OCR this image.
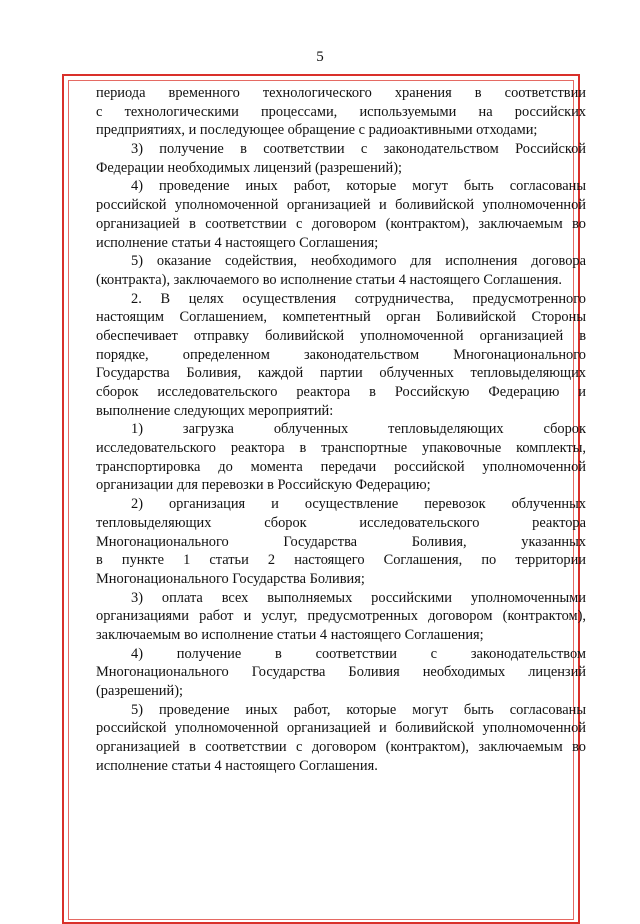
5
периода временного технологического хранения в соответствии
с технологическими процессами, используемыми на российских
предприятиях, и последующее обращение с радиоактивными отходами;
3) получение в соответствии с законодательством Российской
Федерации необходимых лицензий (разрешений);
4) проведение иных работ, которые могут быть согласованы
российской уполномоченной организацией и боливийской уполномоченной
организацией в соответствии с договором (контрактом), заключаемым во
исполнение статьи 4 настоящего Соглашения;
5) оказание содействия, необходимого для исполнения договора
(контракта), заключаемого во исполнение статьи 4 настоящего Соглашения.
2. В целях осуществления сотрудничества, предусмотренного
настоящим Соглашением, компетентный орган Боливийской Стороны
обеспечивает отправку боливийской уполномоченной организацией в
порядке, определенном законодательством Многонационального
Государства Боливия, каждой партии облученных тепловыделяющих
сборок исследовательского реактора в Российскую Федерацию и
выполнение следующих мероприятий:
1) загрузка облученных тепловыделяющих сборок
исследовательского реактора в транспортные упаковочные комплекты,
транспортировка до момента передачи российской уполномоченной
организации для перевозки в Российскую Федерацию;
2) организация и осуществление перевозок облученных
тепловыделяющих сборок исследовательского реактора
Многонационального Государства Боливия, указанных
в пункте 1 статьи 2 настоящего Соглашения, по территории
Многонационального Государства Боливия;
3) оплата всех выполняемых российскими уполномоченными
организациями работ и услуг, предусмотренных договором (контрактом),
заключаемым во исполнение статьи 4 настоящего Соглашения;
4) получение в соответствии с законодательством
Многонационального Государства Боливия необходимых лицензий
(разрешений);
5) проведение иных работ, которые могут быть согласованы
российской уполномоченной организацией и боливийской уполномоченной
организацией в соответствии с договором (контрактом), заключаемым во
исполнение статьи 4 настоящего Соглашения.
